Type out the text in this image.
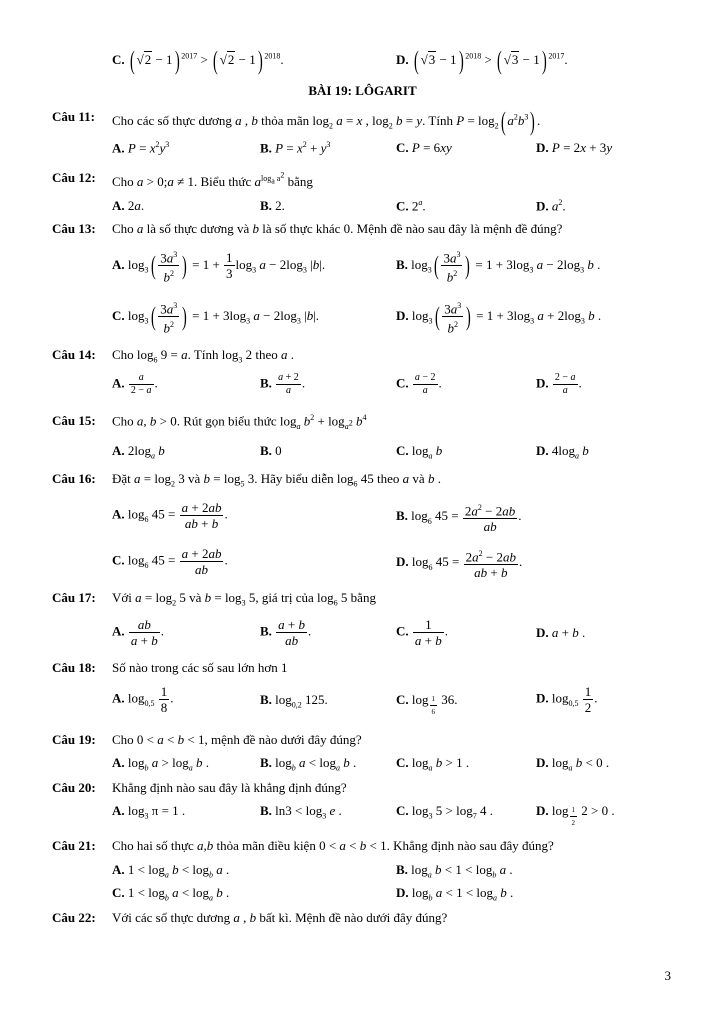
C. ( √2 − 1) $^{2017}$ > ( √2 − 1) $^{2018}$.	D. ( √3 − 1) $^{2018}$ > ( √3 − 1) $^{2017}$.
BÀI 19: LÔGARIT
Câu 11: Cho các số thực dương a , b thỏa mãn $\log_2 a = x$ , $\log_2 b = y$. Tính $P = \log_2$( $a^2b^3$) .
A. $P = x^2y^3$	B. $P = x^2 + y^3$	C. P = 6xy	D. P = 2x + 3y
Câu 12: Cho a > 0;a ≠ 1. Biểu thức $a^{log_a a^2}$ bằng
A. 2a.	B. 2.	C. 2$^a$.	D. $a^2$.
Câu 13: Cho a là số thực dương và b là số thực khác 0. Mệnh đề nào sau đây là mệnh đề đúng?
A. $\log_3( \frac{3a^3}{b^2}$ ) = $1 + \frac{1}{3} \log_3 a - 2\log_3$ |b|.	B. $\log_3( \frac{3a^3}{b^2}$ ) = $1 + 3\log_3$ $a - 2\log_3$ b .
C. $\log_3( \frac{3a^3}{b^2}$ ) = $1 + 3\log_3$ $a - 2\log_3$ |b|.	D. $\log_3( \frac{3a^3}{b^2}$ ) = $1 + 3\log_3$ $a + 2\log_3$ b .
Câu 14: Cho $\log_6 9 = a$. Tính $\log_3 2$ theo a .
A. $\frac{a}{2 - a}$ .	B. $\frac{a + 2}{a}$ .	C. $\frac{a - 2}{a}$ .	D. $\frac{2 - a}{a}$ .
Câu 15: Cho a, b > 0. Rút gọn biểu thức $\log_a b^2 + \log_{a^2} b^4$
A. $2\log_a$ b	B. 0	C. $\log_a b$	D. $4\log_a$ b
Câu 16: Đặt $a = \log_2 3$ và $b = \log_5 3$. Hãy biểu diễn $\log_6 45$ theo a và b .
A. $\log_6 45 = \frac{a + 2ab}{ab + b}$ .	B. $\log_6 45 = \frac{2a^2 - 2ab}{ab}$ .
C. $\log_6 45 = \frac{a + 2ab}{ab}$ .	D. $\log_6 45 = \frac{2a^2 - 2ab}{ab + b}$ .
Câu 17: Với $a = \log_2 5$ và $b = \log_3 5$, giá trị của $\log_6 5$ bằng
A. $\frac{ab}{a + b}$ .	B. $\frac{a + b}{ab}$ .	C. $\frac{1}{a + b}$ .	D. a + b .
Câu 18: Số nào trong các số sau lớn hơn 1
A. $\log_{0,5} \frac{1}{8}$ .	B. $\log_{0,2} 125$.	C. log $_{\frac{1}{6}}$ 36.	D. $\log_{0,5} \frac{1}{2}$ .
Câu 19: Cho 0 < a < b < 1, mệnh đề nào dưới đây đúng?
A. $\log_b a > \log_a b$ .	B. $\log_b a < \log_a b$ .	C. $\log_a b > 1$ .	D. $\log_a b < 0$ .
Câu 20: Khẳng định nào sau đây là khẳng định đúng?
A. $\log_3 \pi = 1$ .	B. $\ln 3 < \log_3 e$ .	C. $\log_3 5 > \log_7 4$ .	D. log $_{\frac{1}{2}}$ 2 > 0 .
Câu 21: Cho hai số thực a,b thỏa mãn điều kiện 0 < a < b < 1. Khẳng định nào sau đây đúng?
A. $1 < \log_a b < \log_b a$ .	B. $\log_a b < 1 < \log_b a$ .
C. $1 < \log_b a < \log_a b$ .	D. $\log_b a < 1 < \log_a b$ .
Câu 22: Với các số thực dương a , b bất kì. Mệnh đề nào dưới đây đúng?
3
